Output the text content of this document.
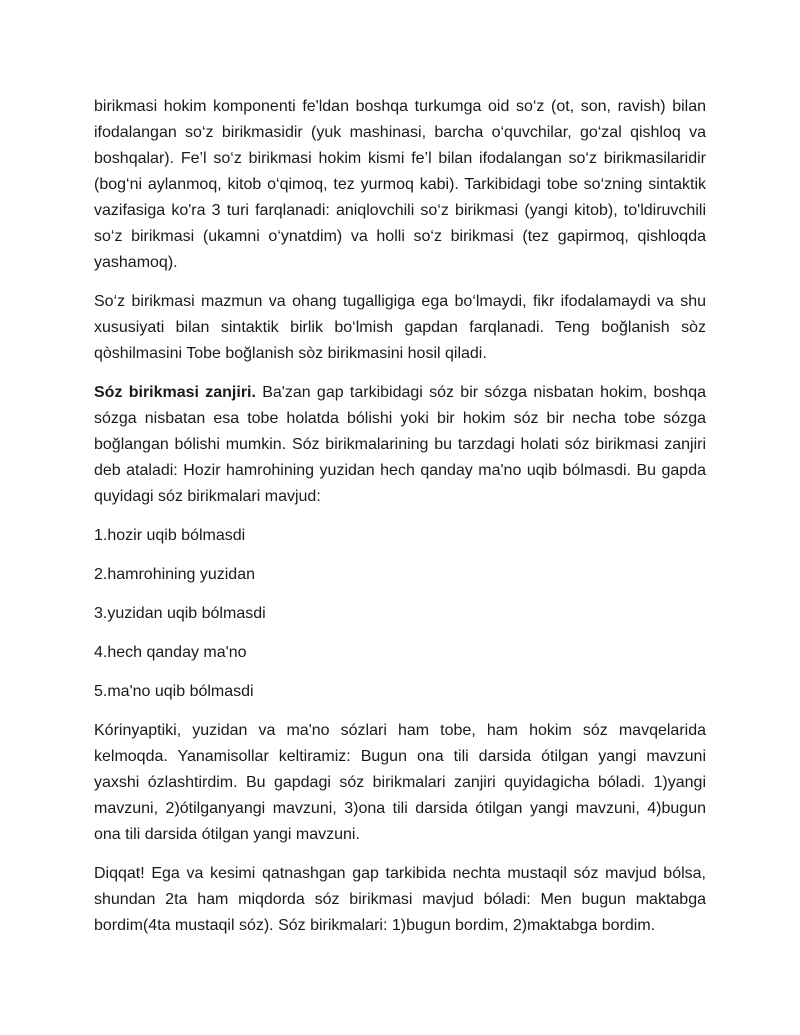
birikmasi hokim komponenti fe'ldan boshqa turkumga oid so‘z (ot, son, ravish) bilan ifodalangan so‘z birikmasidir (yuk mashinasi, barcha o‘quvchilar, go‘zal qishloq va boshqalar). Fe’l so‘z birikmasi hokim kismi fe’l bilan ifodalangan so‘z birikmasilaridir (bog‘ni aylanmoq, kitob o‘qimoq, tez yurmoq kabi). Tarkibidagi tobe so‘zning sintaktik vazifasiga ko'ra 3 turi farqlanadi: aniqlovchili so‘z birikmasi (yangi kitob), to'ldiruvchili so‘z birikmasi (ukamni o‘ynatdim) va holli so‘z birikmasi (tez gapirmoq, qishloqda yashamoq).

So‘z birikmasi mazmun va ohang tugalligiga ega bo‘lmaydi, fikr ifodalamaydi va shu xususiyati bilan sintaktik birlik bo‘lmish gapdan farqlanadi. Teng boğlanish sòz qòshilmasini Tobe boğlanish sòz birikmasini hosil qiladi.

Sóz birikmasi zanjiri. Ba'zan gap tarkibidagi sóz bir sózga nisbatan hokim, boshqa sózga nisbatan esa tobe holatda bólishi yoki bir hokim sóz bir necha tobe sózga boğlangan bólishi mumkin. Sóz birikmalarining bu tarzdagi holati sóz birikmasi zanjiri deb ataladi: Hozir hamrohining yuzidan hech qanday ma'no uqib bólmasdi. Bu gapda quyidagi sóz birikmalari mavjud:

1.hozir uqib bólmasdi

2.hamrohining yuzidan

3.yuzidan uqib bólmasdi

4.hech qanday ma'no

5.ma'no uqib bólmasdi

Kórinyaptiki, yuzidan va ma'no sózlari ham tobe, ham hokim sóz mavqelarida kelmoqda. Yanamisollar keltiramiz: Bugun ona tili darsida ótilgan yangi mavzuni yaxshi ózlashtirdim. Bu gapdagi sóz birikmalari zanjiri quyidagicha bóladi. 1)yangi mavzuni, 2)ótilganyangi mavzuni, 3)ona tili darsida ótilgan yangi mavzuni, 4)bugun ona tili darsida ótilgan yangi mavzuni.

Diqqat! Ega va kesimi qatnashgan gap tarkibida nechta mustaqil sóz mavjud bólsa, shundan 2ta ham miqdorda sóz birikmasi mavjud bóladi: Men bugun maktabga bordim(4ta mustaqil sóz). Sóz birikmalari: 1)bugun bordim, 2)maktabga bordim.
